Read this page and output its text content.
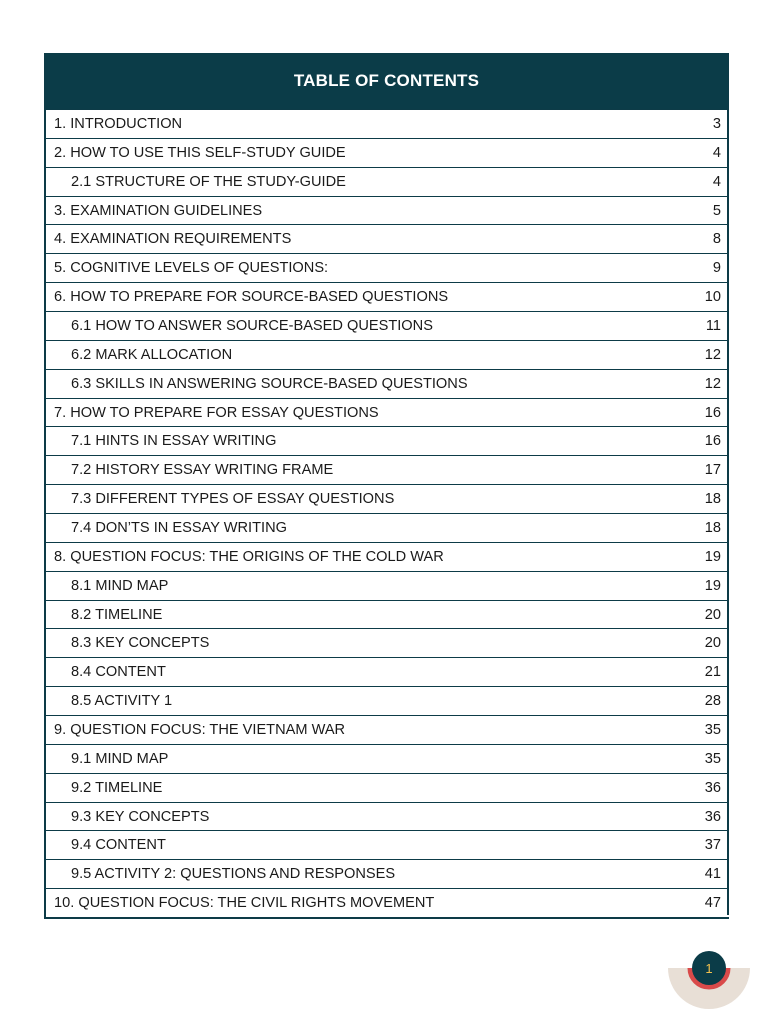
TABLE OF CONTENTS
1. INTRODUCTION	3
2. HOW TO USE THIS SELF-STUDY GUIDE	4
2.1 STRUCTURE OF THE STUDY-GUIDE	4
3. EXAMINATION GUIDELINES	5
4. EXAMINATION REQUIREMENTS	8
5. COGNITIVE LEVELS OF QUESTIONS:	9
6. HOW TO PREPARE FOR SOURCE-BASED QUESTIONS	10
6.1 HOW TO ANSWER SOURCE-BASED QUESTIONS	11
6.2 MARK ALLOCATION	12
6.3 SKILLS IN ANSWERING SOURCE-BASED QUESTIONS	12
7. HOW TO PREPARE FOR ESSAY QUESTIONS	16
7.1 HINTS IN ESSAY WRITING	16
7.2 HISTORY ESSAY WRITING FRAME	17
7.3 DIFFERENT TYPES OF ESSAY QUESTIONS	18
7.4 DON’TS IN ESSAY WRITING	18
8. QUESTION FOCUS: THE ORIGINS OF THE COLD WAR	19
8.1 MIND MAP	19
8.2 TIMELINE	20
8.3 KEY CONCEPTS	20
8.4 CONTENT	21
8.5 ACTIVITY 1	28
9. QUESTION FOCUS: THE VIETNAM WAR	35
9.1 MIND MAP	35
9.2 TIMELINE	36
9.3 KEY CONCEPTS	36
9.4 CONTENT	37
9.5 ACTIVITY 2: QUESTIONS AND RESPONSES	41
10. QUESTION FOCUS: THE CIVIL RIGHTS MOVEMENT	47
1
